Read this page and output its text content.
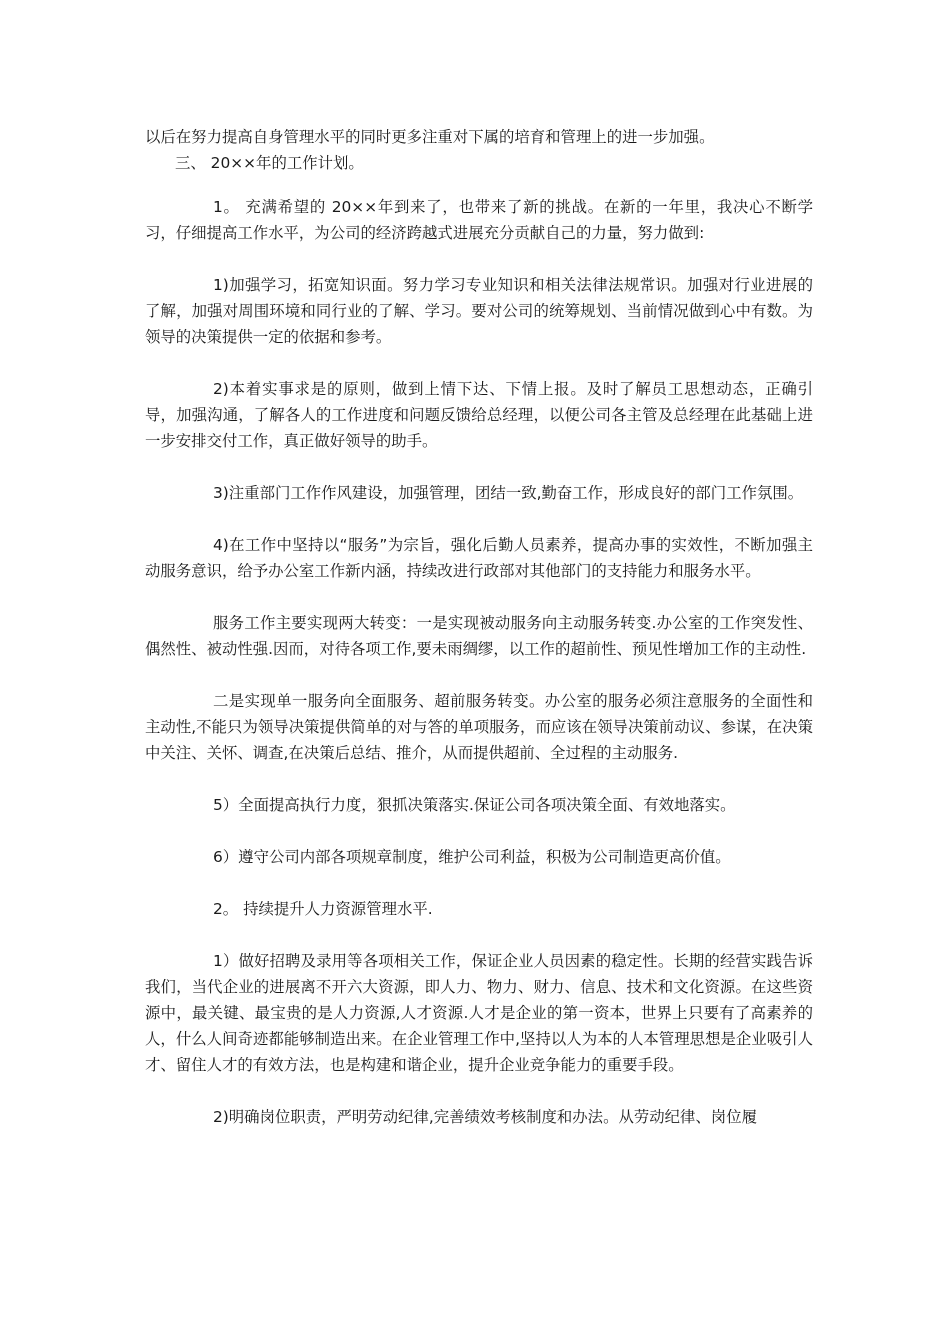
以后在努力提高自身管理水平的同时更多注重对下属的培育和管理上的进一步加强。

三、 20××年的工作计划。

1。 充满希望的 20××年到来了，也带来了新的挑战。在新的一年里，我决心不断学习，仔细提高工作水平，为公司的经济跨越式进展充分贡献自己的力量，努力做到:

1)加强学习，拓宽知识面。努力学习专业知识和相关法律法规常识。加强对行业进展的了解，加强对周围环境和同行业的了解、学习。要对公司的统筹规划、当前情况做到心中有数。为领导的决策提供一定的依据和参考。

2)本着实事求是的原则，做到上情下达、下情上报。及时了解员工思想动态，正确引导，加强沟通，了解各人的工作进度和问题反馈给总经理，以便公司各主管及总经理在此基础上进一步安排交付工作，真正做好领导的助手。

3)注重部门工作作风建设，加强管理，团结一致,勤奋工作，形成良好的部门工作氛围。

4)在工作中坚持以“服务”为宗旨，强化后勤人员素养，提高办事的实效性，不断加强主动服务意识，给予办公室工作新内涵，持续改进行政部对其他部门的支持能力和服务水平。

服务工作主要实现两大转变：一是实现被动服务向主动服务转变.办公室的工作突发性、偶然性、被动性强.因而，对待各项工作,要未雨绸缪，以工作的超前性、预见性增加工作的主动性.

二是实现单一服务向全面服务、超前服务转变。办公室的服务必须注意服务的全面性和主动性,不能只为领导决策提供简单的对与答的单项服务，而应该在领导决策前动议、参谋，在决策中关注、关怀、调查,在决策后总结、推介，从而提供超前、全过程的主动服务.

5）全面提高执行力度，狠抓决策落实.保证公司各项决策全面、有效地落实。

6）遵守公司内部各项规章制度，维护公司利益，积极为公司制造更高价值。

2。 持续提升人力资源管理水平.

1）做好招聘及录用等各项相关工作，保证企业人员因素的稳定性。长期的经营实践告诉我们，当代企业的进展离不开六大资源，即人力、物力、财力、信息、技术和文化资源。在这些资源中，最关键、最宝贵的是人力资源,人才资源.人才是企业的第一资本，世界上只要有了高素养的人，什么人间奇迹都能够制造出来。在企业管理工作中,坚持以人为本的人本管理思想是企业吸引人才、留住人才的有效方法，也是构建和谐企业，提升企业竞争能力的重要手段。

2)明确岗位职责，严明劳动纪律,完善绩效考核制度和办法。从劳动纪律、岗位履
